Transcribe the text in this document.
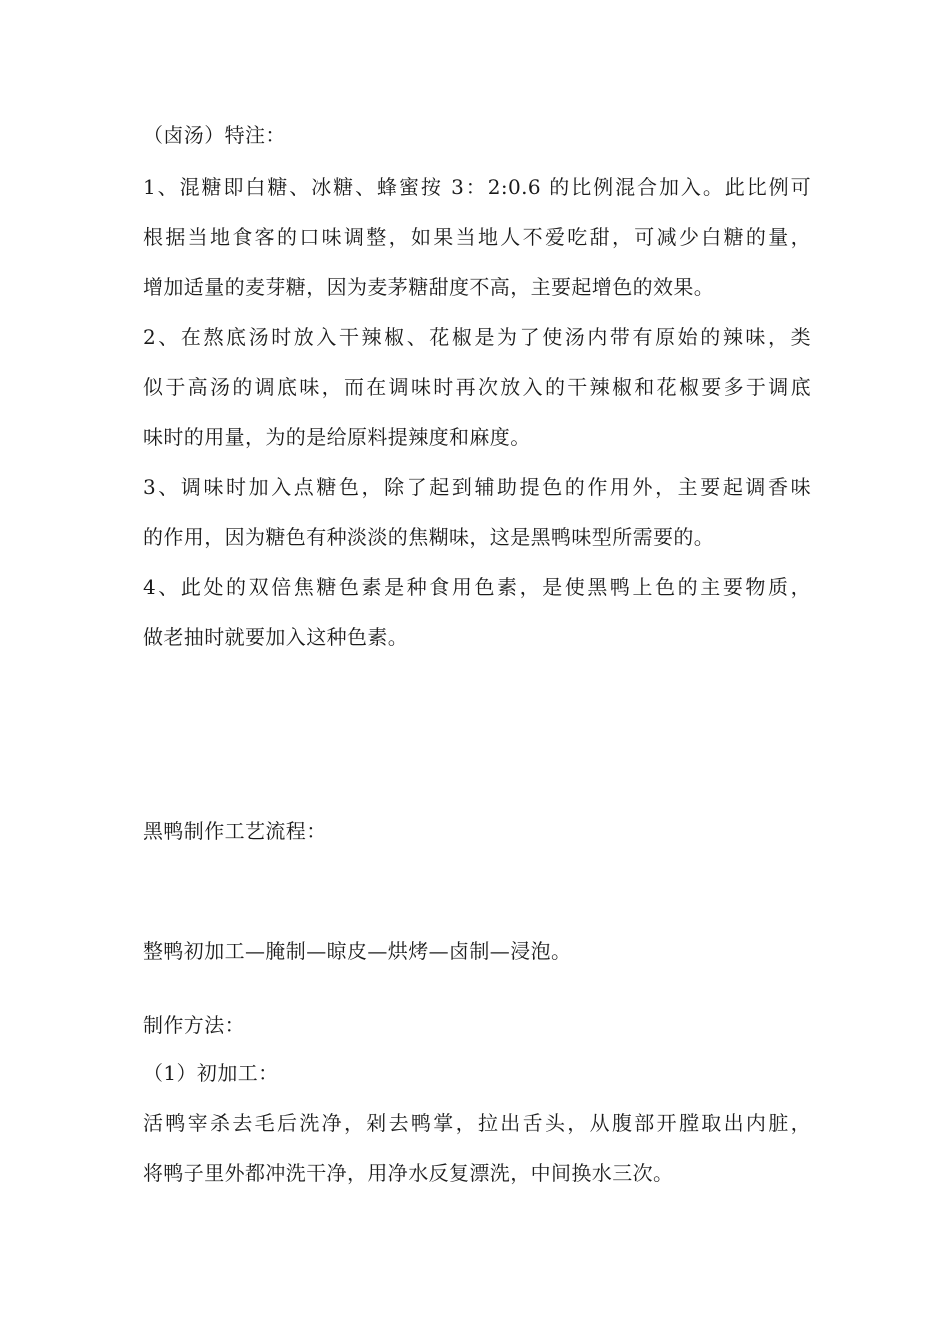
（卤汤）特注：
1、混糖即白糖、冰糖、蜂蜜按 3：2:0.6 的比例混合加入。此比例可
根据当地食客的口味调整，如果当地人不爱吃甜，可减少白糖的量，
增加适量的麦芽糖，因为麦茅糖甜度不高，主要起增色的效果。
2、在熬底汤时放入干辣椒、花椒是为了使汤内带有原始的辣味，类
似于高汤的调底味，而在调味时再次放入的干辣椒和花椒要多于调底
味时的用量，为的是给原料提辣度和麻度。
3、调味时加入点糖色，除了起到辅助提色的作用外，主要起调香味
的作用，因为糖色有种淡淡的焦糊味，这是黑鸭味型所需要的。
4、此处的双倍焦糖色素是种食用色素，是使黑鸭上色的主要物质，
做老抽时就要加入这种色素。
黑鸭制作工艺流程：
整鸭初加工—腌制—晾皮—烘烤—卤制—浸泡。
制作方法：
（1）初加工：
活鸭宰杀去毛后洗净，剁去鸭掌，拉出舌头，从腹部开膛取出内脏，
将鸭子里外都冲洗干净，用净水反复漂洗，中间换水三次。
